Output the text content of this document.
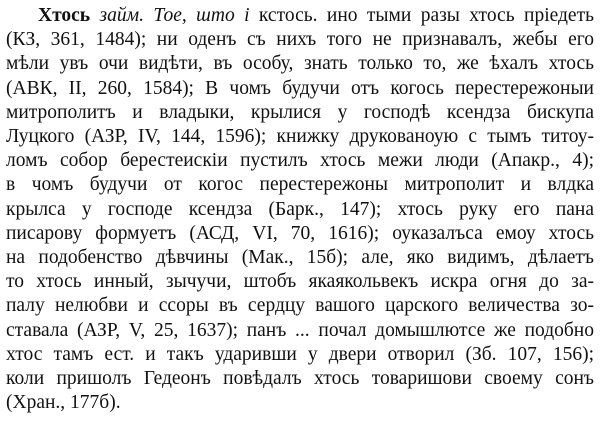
Хтось займ. Тое, што і кстось. ино тыми разы хтось пріедеть
(КЗ, 361, 1484); ни оденъ съ нихъ того не признавалъ, жебы его
мѣли увъ очи видѣти, въ особу, знать только то, же ѣхалъ хтось
(АВК, II, 260, 1584); В чомъ будучи отъ когось перестережоныи
митрополитъ и владыки, крылися у господѣ ксендза бискупа
Луцкого (АЗР, IV, 144, 1596); книжку друкованоую с тымъ титоу-
ломъ собор берестеискіи пустилъ хтось межи люди (Апакр., 4);
в чомъ будучи от когос перестережоны митрополит и влдка
крылса у господе ксендза (Барк., 147); хтось руку его пана
писарову формуетъ (АСД, VI, 70, 1616); оуказалъса емоу хтось
на подобенство дѣвчины (Мак., 15б); але, яко видимъ, дѣлаетъ
то хтось инный, зычучи, штобъ якаякольвекъ искра огня до за-
палу нелюбви и ссоры въ сердцу вашого царского величества зо-
ставала (АЗР, V, 25, 1637); панъ ... почал домышлютсе же подобно
хтос тамъ ест. и такъ ударивши у двери отворил (Зб. 107, 156);
коли пришолъ Гедеонъ повѣдалъ хтось товаришови своему сонъ
(Хран., 177б).
